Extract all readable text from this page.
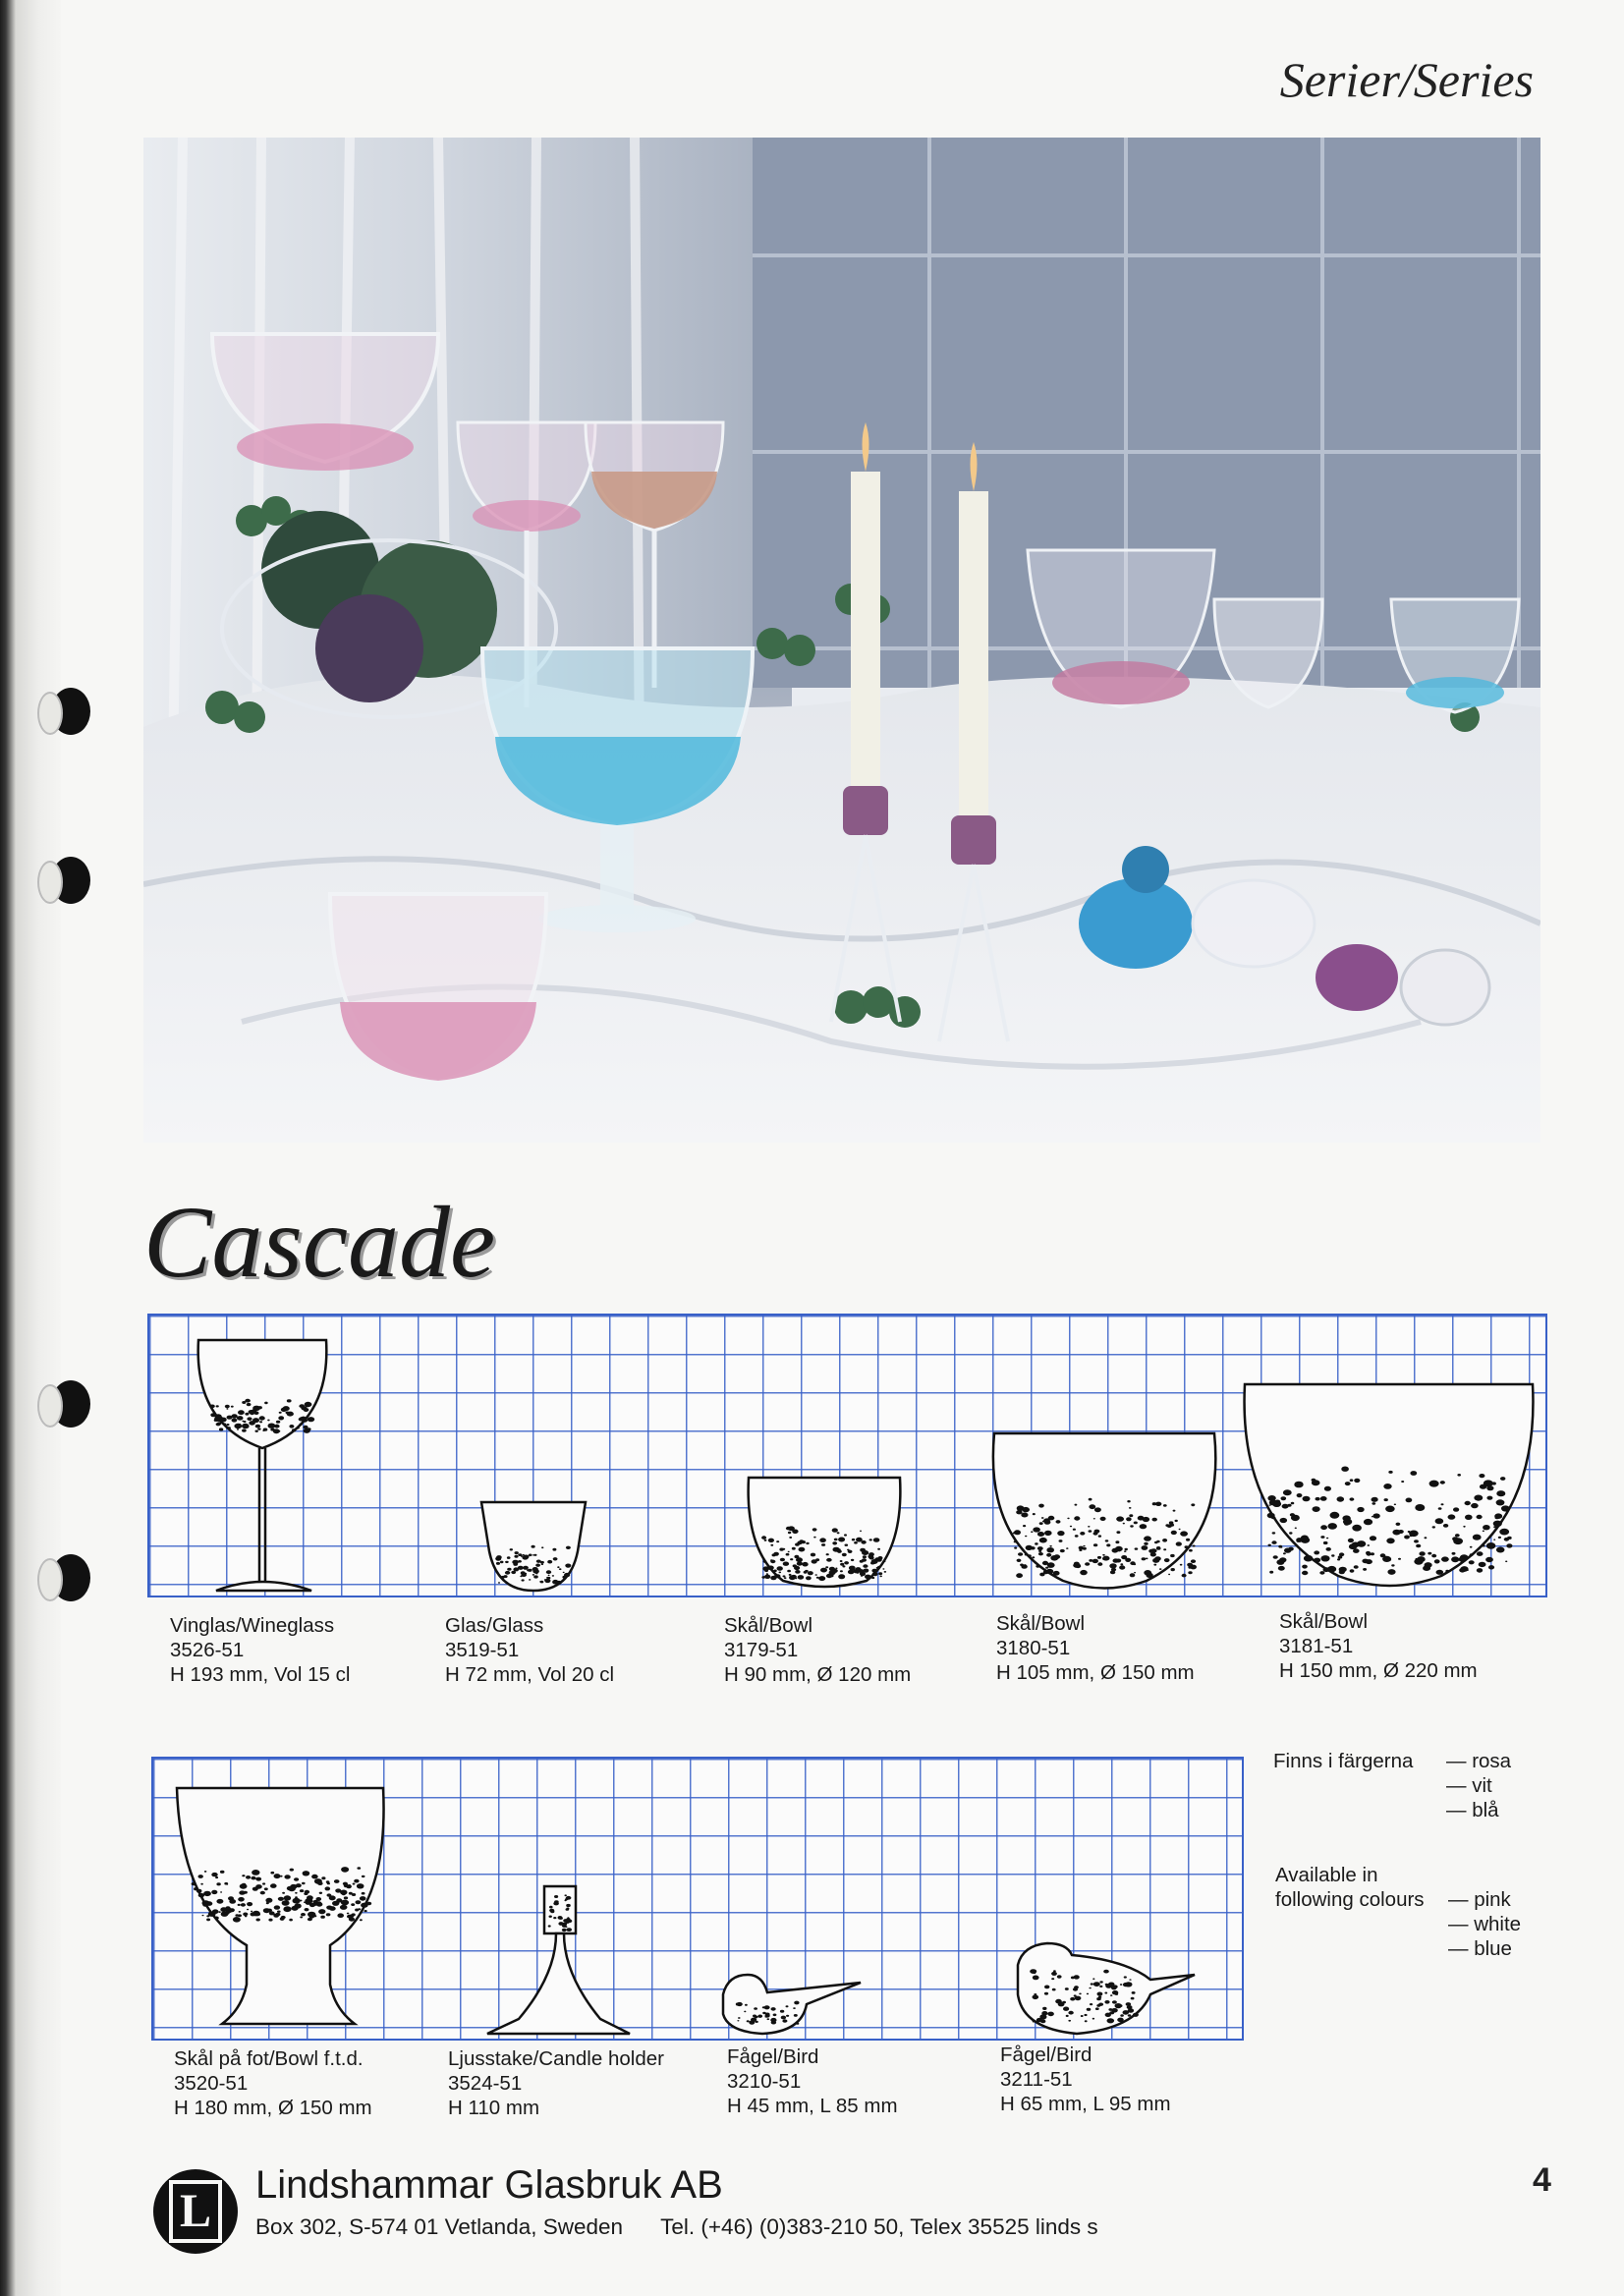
Serier/Series
Cascade
Vinglas/Wineglass
3526-51
H 193 mm, Vol 15 cl
Glas/Glass
3519-51
H 72 mm, Vol 20 cl
Skål/Bowl
3179-51
H 90 mm, Ø 120 mm
Skål/Bowl
3180-51
H 105 mm, Ø 150 mm
Skål/Bowl
3181-51
H 150 mm, Ø 220 mm
Skål på fot/Bowl f.t.d.
3520-51
H 180 mm, Ø 150 mm
Ljusstake/Candle holder
3524-51
H 110 mm
Fågel/Bird
3210-51
H 45 mm, L 85 mm
Fågel/Bird
3211-51
H 65 mm, L 95 mm
Finns i färgerna — rosa
— vit
— blå
Available in
following colours — pink
— white
— blue
L Lindshammar Glasbruk AB
Box 302, S-574 01 Vetlanda, Sweden Tel. (+46) (0)383-210 50, Telex 35525 linds s
4
